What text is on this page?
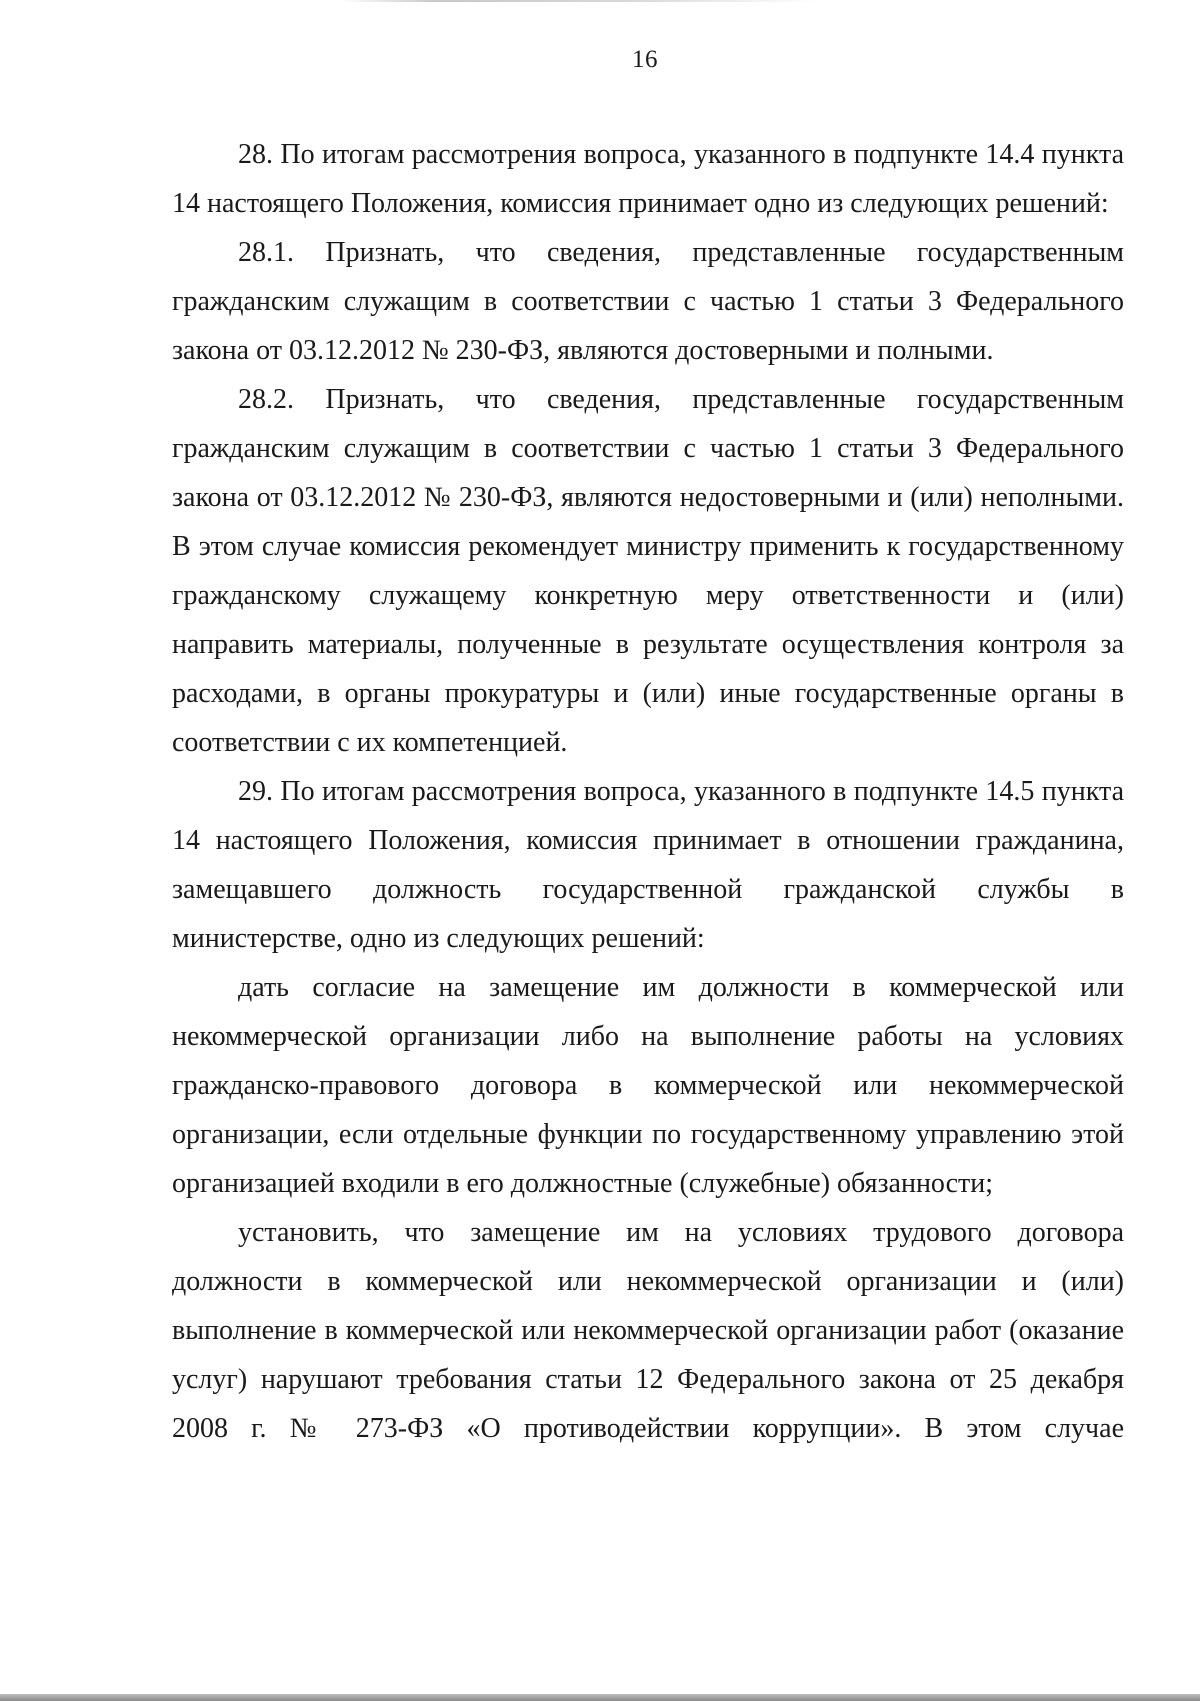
16

28. По итогам рассмотрения вопроса, указанного в подпункте 14.4 пункта 14 настоящего Положения, комиссия принимает одно из следующих решений:

28.1. Признать, что сведения, представленные государственным гражданским служащим в соответствии с частью 1 статьи 3 Федерального закона от 03.12.2012 № 230-ФЗ, являются достоверными и полными.

28.2. Признать, что сведения, представленные государственным гражданским служащим в соответствии с частью 1 статьи 3 Федерального закона от 03.12.2012 № 230-ФЗ, являются недостоверными и (или) неполными. В этом случае комиссия рекомендует министру применить к государственному гражданскому служащему конкретную меру ответственности и (или) направить материалы, полученные в результате осуществления контроля за расходами, в органы прокуратуры и (или) иные государственные органы в соответствии с их компетенцией.

29. По итогам рассмотрения вопроса, указанного в подпункте 14.5 пункта 14 настоящего Положения, комиссия принимает в отношении гражданина, замещавшего должность государственной гражданской службы в министерстве, одно из следующих решений:

дать согласие на замещение им должности в коммерческой или некоммерческой организации либо на выполнение работы на условиях гражданско-правового договора в коммерческой или некоммерческой организации, если отдельные функции по государственному управлению этой организацией входили в его должностные (служебные) обязанности;

установить, что замещение им на условиях трудового договора должности в коммерческой или некоммерческой организации и (или) выполнение в коммерческой или некоммерческой организации работ (оказание услуг) нарушают требования статьи 12 Федерального закона от 25 декабря 2008 г. № 273-ФЗ «О противодействии коррупции». В этом случае
